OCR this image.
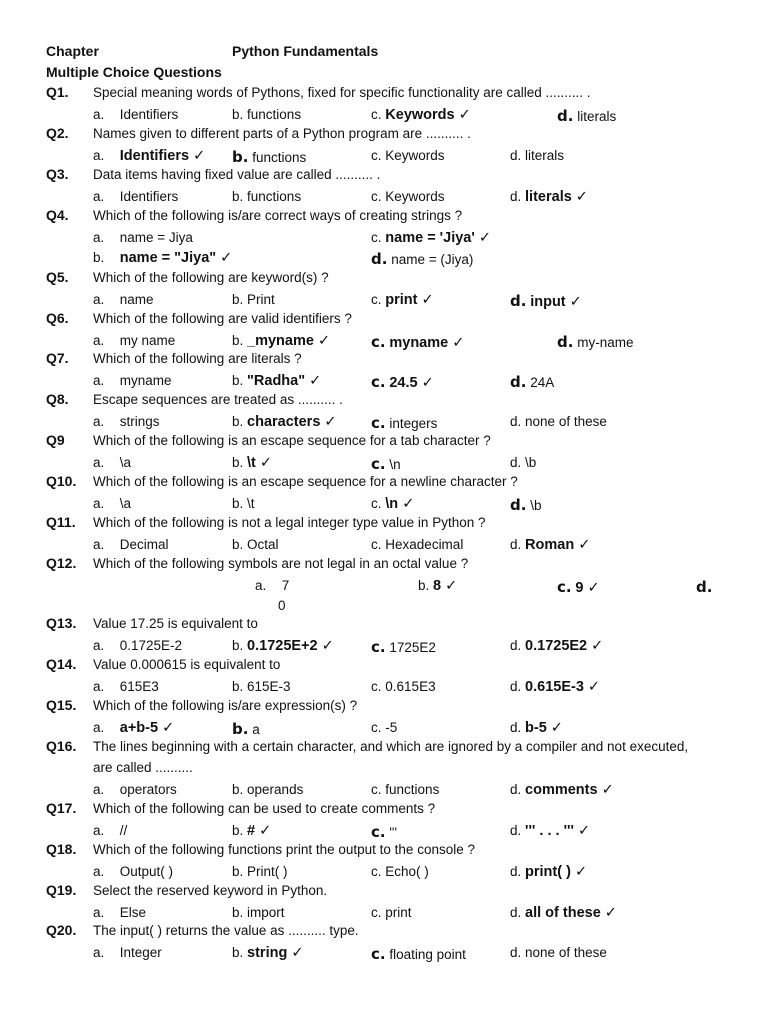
Chapter	Python Fundamentals
Multiple Choice Questions
Q1. Special meaning words of Pythons, fixed for specific functionality are called .......... .
a. Identifiers	b. functions	c. Keywords ✓	d. literals
Q2. Names given to different parts of a Python program are .......... .
a. Identifiers ✓ b. functions	c. Keywords	d. literals
Q3. Data items having fixed value are called .......... .
a. Identifiers	b. functions	c. Keywords	d. literals ✓
Q4. Which of the following is/are correct ways of creating strings ?
a. name = Jiya	c. name = 'Jiya' ✓
b. name = "Jiya" ✓	d. name = (Jiya)
Q5. Which of the following are keyword(s) ?
a. name	b. Print	c. print ✓	d. input ✓
Q6. Which of the following are valid identifiers ?
a. my name	b. _myname ✓	c. myname ✓	d. my-name
Q7. Which of the following are literals ?
a. myname	b. "Radha" ✓	c. 24.5 ✓	d. 24A
Q8. Escape sequences are treated as .......... .
a. strings	b. characters ✓ c. integers	d. none of these
Q9 Which of the following is an escape sequence for a tab character ?
a. \a	b. \t ✓	c. \n	d. \b
Q10. Which of the following is an escape sequence for a newline character ?
a. \a	b. \t	c. \n ✓	d. \b
Q11. Which of the following is not a legal integer type value in Python ?
a. Decimal	b. Octal	c. Hexadecimal	d. Roman ✓
Q12. Which of the following symbols are not legal in an octal value ?
a. 7	b. 8 ✓	c. 9 ✓	d.
0
Q13. Value 17.25 is equivalent to
a. 0.1725E-2	b. 0.1725E+2 ✓ c. 1725E2	d. 0.1725E2 ✓
Q14. Value 0.000615 is equivalent to
a. 615E3	b. 615E-3	c. 0.615E3	d. 0.615E-3 ✓
Q15. Which of the following is/are expression(s) ?
a. a+b-5 ✓	b. a	c. -5	d. b-5 ✓
Q16. The lines beginning with a certain character, and which are ignored by a compiler and not executed,
are called ..........
a. operators	b. operands	c. functions	d. comments ✓
Q17. Which of the following can be used to create comments ?
a. //	b. # ✓	c. '''	d. ''' . . . ''' ✓
Q18. Which of the following functions print the output to the console ?
a. Output( )	b. Print( )	c. Echo( )	d. print( ) ✓
Q19. Select the reserved keyword in Python.
a. Else	b. import	c. print	d. all of these ✓
Q20. The input( ) returns the value as .......... type.
a. Integer	b. string ✓	c. floating point	d. none of these
